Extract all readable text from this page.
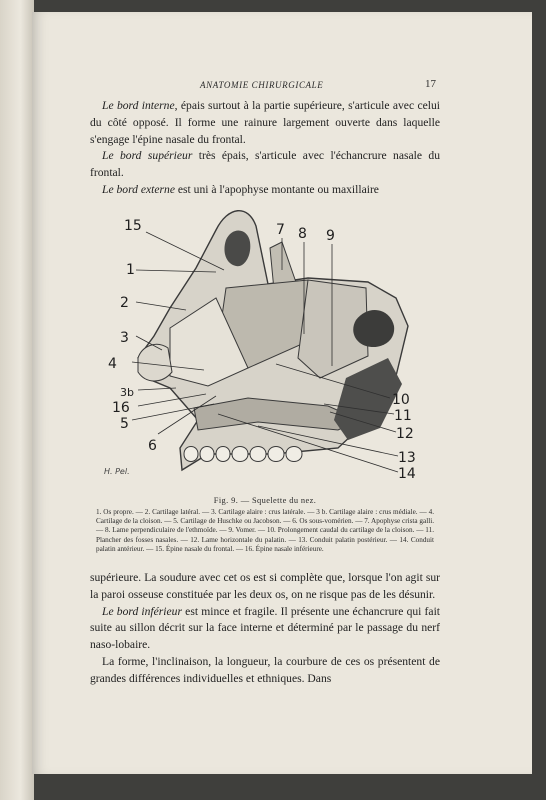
ANATOMIE CHIRURGICALE	17

Le bord interne, épais surtout à la partie supérieure, s'articule avec celui du côté opposé. Il forme une rainure largement ouverte dans laquelle s'engage l'épine nasale du frontal.

Le bord supérieur très épais, s'articule avec l'échancrure nasale du frontal.

Le bord externe est uni à l'apophyse montante ou maxillaire

15
1
2
3
4
3b
16
5
6
7 8 9
10
11
12
13
14
H. Pel.
Fig. 9. — Squelette du nez.
1. Os propre. — 2. Cartilage latéral. — 3. Cartilage alaire : crus latérale. — 3 b. Cartilage alaire : crus médiale. — 4. Cartilage de la cloison. — 5. Cartilage de Huschke ou Jacobson. — 6. Os sous-vomérien. — 7. Apophyse crista galli. — 8. Lame perpendiculaire de l'ethmoïde. — 9. Vomer. — 10. Prolongement caudal du cartilage de la cloison. — 11. Plancher des fosses nasales. — 12. Lame horizontale du palatin. — 13. Conduit palatin postérieur. — 14. Conduit palatin antérieur. — 15. Épine nasale du frontal. — 16. Épine nasale inférieure.

supérieure. La soudure avec cet os est si complète que, lorsque l'on agit sur la paroi osseuse constituée par les deux os, on ne risque pas de les désunir.

Le bord inférieur est mince et fragile. Il présente une échancrure qui fait suite au sillon décrit sur la face interne et déterminé par le passage du nerf naso-lobaire.

La forme, l'inclinaison, la longueur, la courbure de ces os présentent de grandes différences individuelles et ethniques. Dans
